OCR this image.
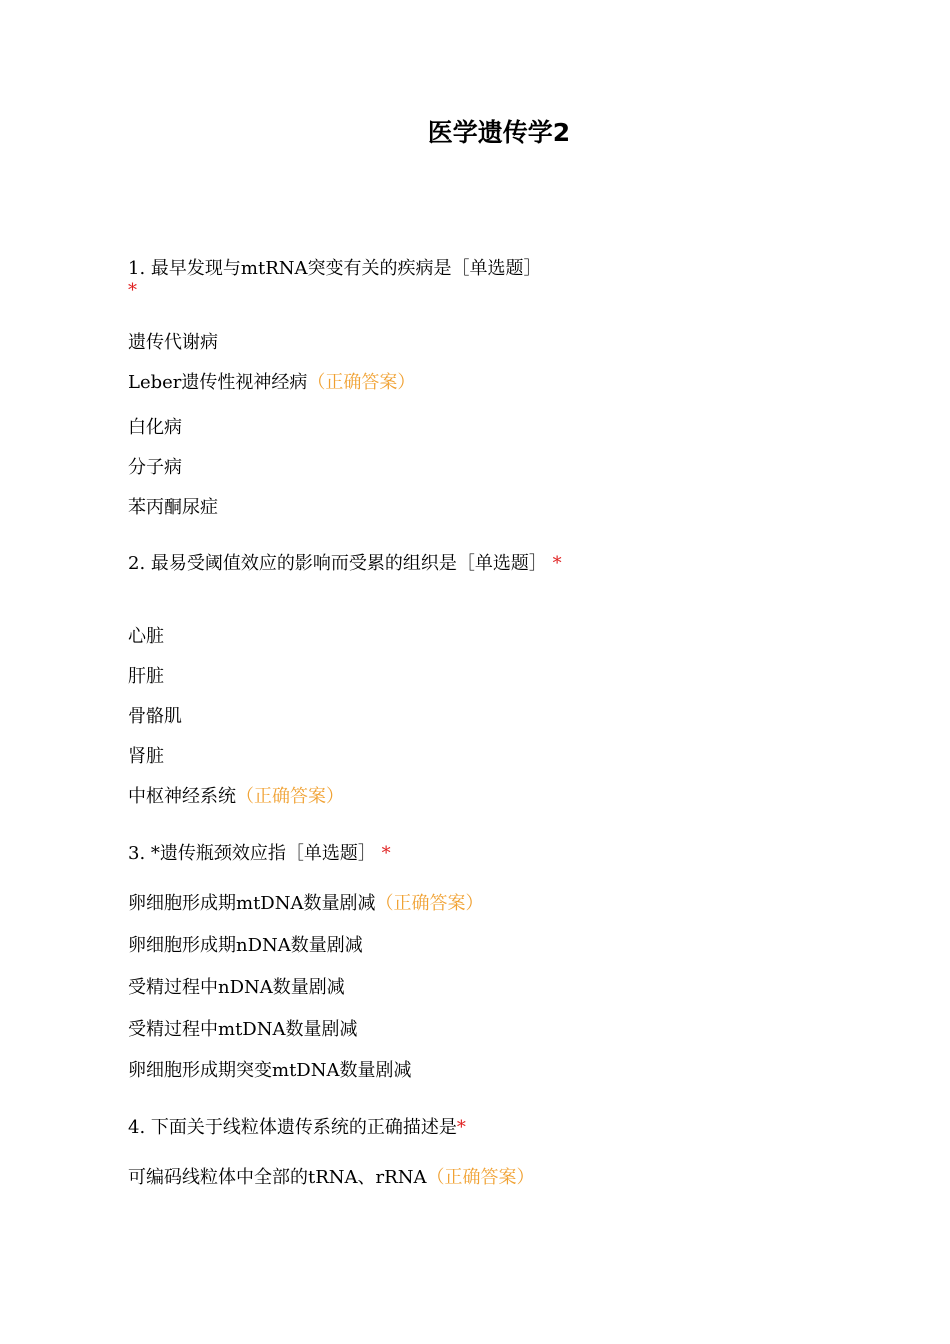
医学遗传学2
1. 最早发现与mtRNA突变有关的疾病是［单选题］
*
遗传代谢病
Leber遗传性视神经病（正确答案）
白化病
分子病
苯丙酮尿症
2. 最易受阈值效应的影响而受累的组织是［单选题］ *
心脏
肝脏
骨骼肌
肾脏
中枢神经系统（正确答案）
3. *遗传瓶颈效应指［单选题］ *
卵细胞形成期mtDNA数量剧减（正确答案）
卵细胞形成期nDNA数量剧减
受精过程中nDNA数量剧减
受精过程中mtDNA数量剧减
卵细胞形成期突变mtDNA数量剧减
4. 下面关于线粒体遗传系统的正确描述是*
可编码线粒体中全部的tRNA、rRNA（正确答案）
